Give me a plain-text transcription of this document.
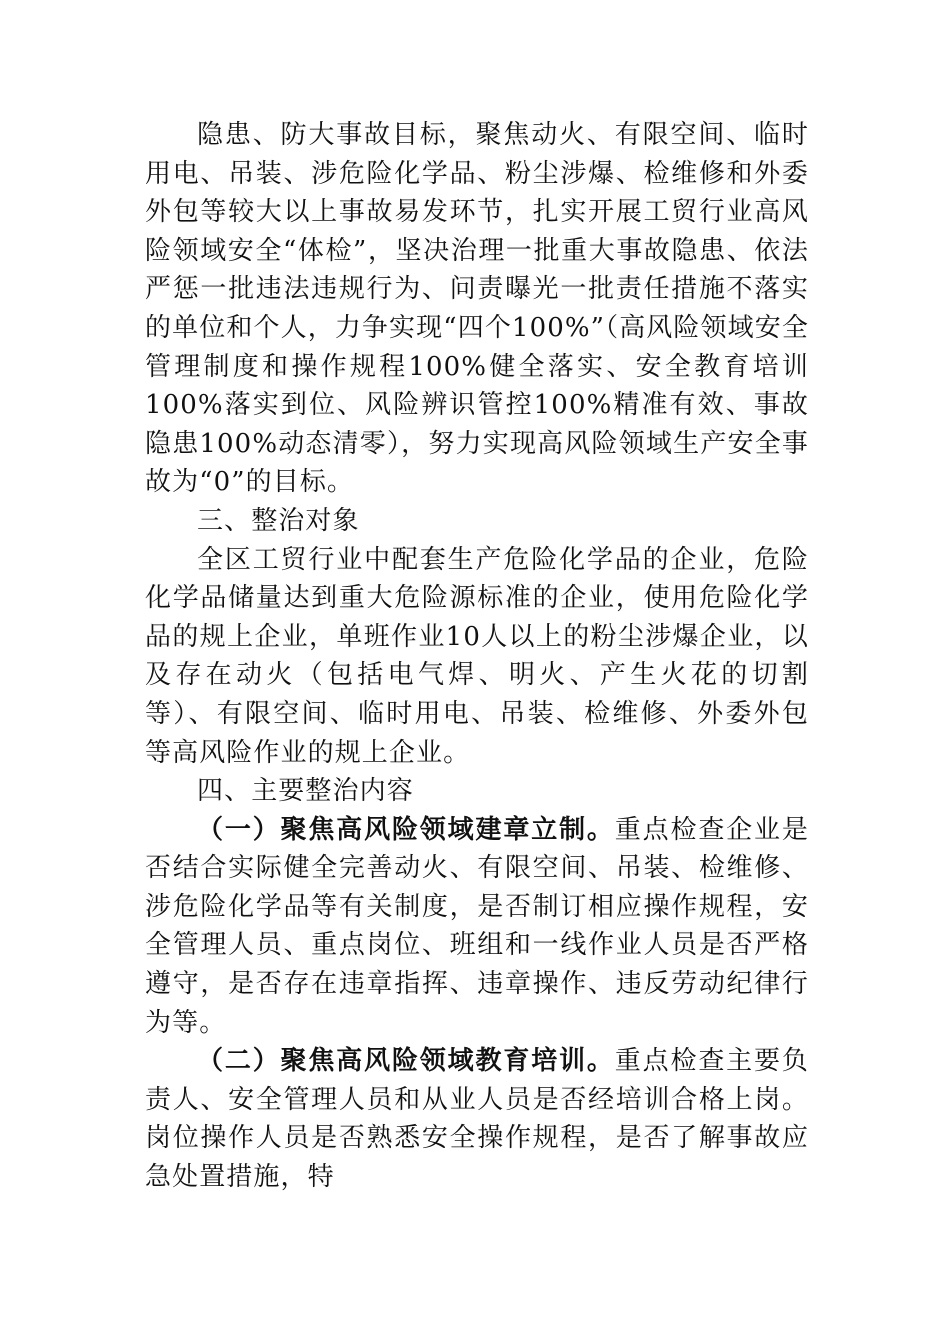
隐患、防大事故目标，聚焦动火、有限空间、临时用电、吊装、涉危险化学品、粉尘涉爆、检维修和外委外包等较大以上事故易发环节，扎实开展工贸行业高风险领域安全“体检”，坚决治理一批重大事故隐患、依法严惩一批违法违规行为、问责曝光一批责任措施不落实的单位和个人，力争实现“四个100%”（高风险领域安全管理制度和操作规程100%健全落实、安全教育培训100%落实到位、风险辨识管控100%精准有效、事故隐患100%动态清零），努力实现高风险领域生产安全事故为“0”的目标。

三、整治对象

全区工贸行业中配套生产危险化学品的企业，危险化学品储量达到重大危险源标准的企业，使用危险化学品的规上企业，单班作业10人以上的粉尘涉爆企业，以及存在动火（包括电气焊、明火、产生火花的切割等）、有限空间、临时用电、吊装、检维修、外委外包等高风险作业的规上企业。

四、主要整治内容

（一）聚焦高风险领域建章立制。重点检查企业是否结合实际健全完善动火、有限空间、吊装、检维修、涉危险化学品等有关制度，是否制订相应操作规程，安全管理人员、重点岗位、班组和一线作业人员是否严格遵守，是否存在违章指挥、违章操作、违反劳动纪律行为等。

（二）聚焦高风险领域教育培训。重点检查主要负责人、安全管理人员和从业人员是否经培训合格上岗。岗位操作人员是否熟悉安全操作规程，是否了解事故应急处置措施，特
